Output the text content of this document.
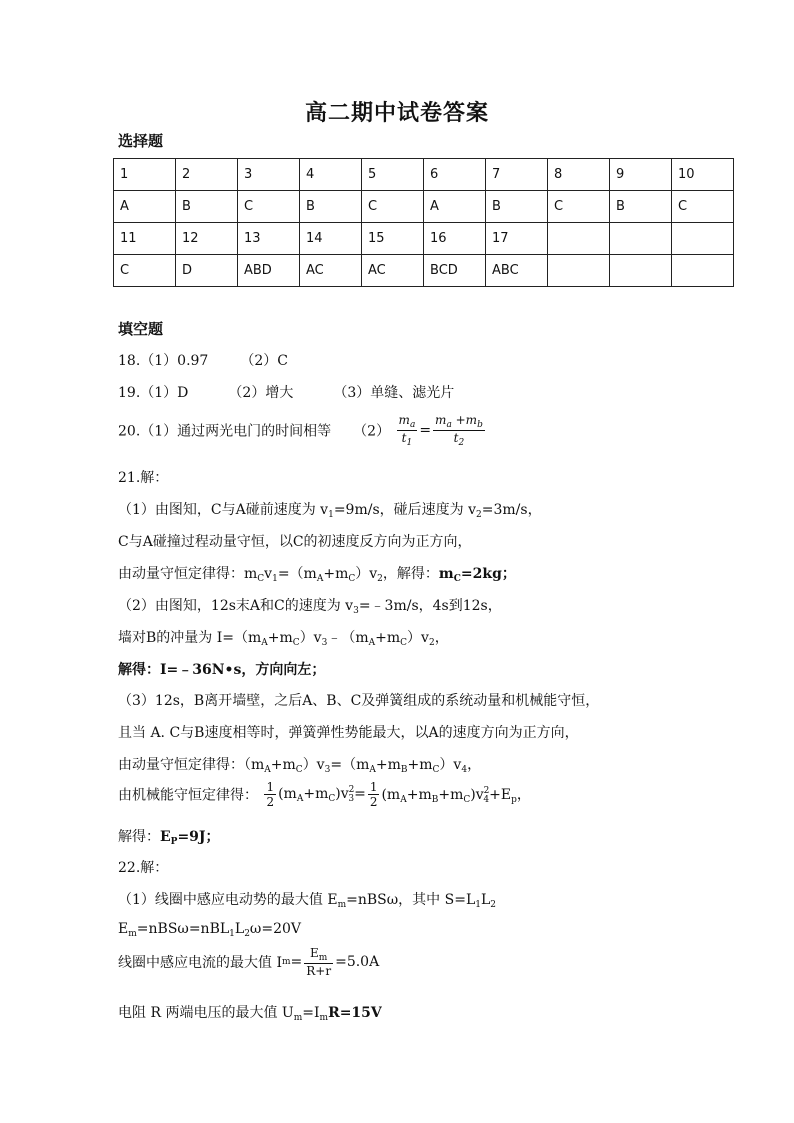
高二期中试卷答案
选择题
1	2	3	4	5	6	7	8	9	10
A	B	C	B	C	A	B	C	B	C
11	12	13	14	15	16	17			
C	D	ABD	AC	AC	BCD	ABC			
填空题
18.（1）0.97 （2）C
19.（1）D	（2）增大	（3）单缝、滤光片
20.（1）通过两光电门的时间相等 $(2) \frac{m_a}{t_1} = \frac{m_a +m_b}{t_2}$
21.解：
（1）由图知，C与A碰前速度为 $v_1=9m/s$，碰后速度为 $v_2=3m/s$，
C与A碰撞过程动量守恒，以C的初速度反方向为正方向，
由动量守恒定律得：$m_Cv_1=(m_A+m_C)v_2$，解得：$m_C=2kg$；
（2）由图知，12s末A和C的速度为 $v_3=﹣3m/s$，4s到12s，
墙对B的冲量为 $I=(m_A+m_C)v_3﹣(m_A+m_C)v_2$，
解得：I=﹣36N•s，方向向左；
（3）12s，B离开墙壁，之后A、B、C及弹簧组成的系统动量和机械能守恒，
且当 A. C与B速度相等时，弹簧弹性势能最大，以A的速度方向为正方向，
由动量守恒定律得：$(m_A+m_C)v_3=(m_A+m_B+m_C)v_4$，
由机械能守恒定律得： $\frac{1}{2} (m_A+m_C)v^2_3= \frac{1}{2} (m_A+m_B+m_C)v^2_4+E_p$，
解得：$E_P=9J$；
22.解：
（1）线圈中感应电动势的最大值 $E_m=nBS\omega$，其中 $S=L_1L_2$
$E_m=nBS\omega=nBL_1L_2\omega=20V$
线圈中感应电流的最大值 $Im= \frac{E_m}{R+r} =5.0A$
电阻 R 两端电压的最大值 $U_m=I_mR=15V$
